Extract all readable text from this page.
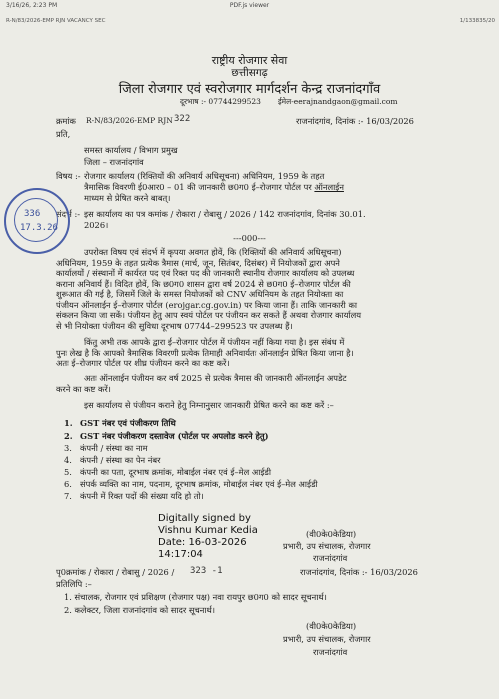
3/16/26, 2:23 PM	PDF.js viewer
R-N/83/2026-EMP RJN VACANCY SEC	1/133835/20
राष्ट्रीय रोजगार सेवा
छत्तीसगढ़
जिला रोजगार एवं स्वरोजगार मार्गदर्शन केन्द्र राजनांदगाँव
दूरभाष :- 07744299523 ईमेल-eerajnandgaon@gmail.com
क्रमांक R-N/83/2026-EMP RJN 322	राजनांदगांव, दिनांक :- 16/03/2026
प्रति,
समस्त कार्यालय / विभाग प्रमुख
जिला – राजनांदगांव
विषय :- रोजगार कार्यालय (रिक्तियों की अनिवार्य अधिसूचना) अधिनियम, 1959 के तहत
त्रैमासिक विवरणी ई0आर0 – 01 की जानकारी छ0ग0 ई–रोजगार पोर्टल पर ऑनलाईन
माध्यम से प्रेषित करने बाबत्।
संदर्भ :- इस कार्यालय का पत्र कमांक / रोकारा / रोबासु / 2026 / 142 राजनांदगांव, दिनांक 30.01.
2026।
---000---
336
17.3.26
उपरोक्त विषय एवं संदर्भ में कृपया अवगत होवें, कि (रिक्तियों की अनिवार्य अधिसूचना)
अधिनियम, 1959 के तहत प्रत्येक त्रैमास (मार्च, जून, सितंबर, दिसंबर) में नियोजकों द्वारा अपने
कार्यालयों / संस्थानों में कार्यरत पद एवं रिक्त पद की जानकारी स्थानीय रोजगार कार्यालय को उपलब्ध
कराना अनिवार्य हैं। विदित होवें, कि छ0ग0 शासन द्वारा वर्ष 2024 से छ0ग0 ई–रोजगार पोर्टल की
शुरूआत की गई है, जिसमें जिले के समस्त नियोजकों को CNV अधिनियम के तहत नियोक्ता का
पंजीयन ऑनलाईन ई–रोजगार पोर्टल (erojgar.cg.gov.in) पर किया जाना हैं। ताकि जानकारी का
संकलन किया जा सकें। पंजीयन हेतु आप स्वयं पोर्टल पर पंजीयन कर सकते हैं अथवा रोजगार कार्यालय
से भी नियोक्ता पंजीयन की सुविधा दूरभाष 07744–299523 पर उपलब्ध हैं।
किंतु अभी तक आपके द्वारा ई–रोजगार पोर्टल में पंजीयन नहीं किया गया है। इस संबंध में
पुनः लेख है कि आपको त्रैमासिक विवरणी प्रत्येक तिमाही अनिवार्यतः ऑनलाईन प्रेषित किया जाना है।
अतः ई–रोजगार पोर्टल पर शीघ्र पंजीयन करने का कष्ट करें।
अतः ऑनलाईन पंजीयन कर वर्ष 2025 से प्रत्येक त्रैमास की जानकारी ऑनलाईन अपडेट
करने का कष्ट करें।
इस कार्यालय से पंजीयन कराने हेतु निम्नानुसार जानकारी प्रेषित करने का कष्ट करें :–
1. GST नंबर एवं पंजीकरण तिथि
2. GST नंबर पंजीकरण दस्तावेज (पोर्टल पर अपलोड करने हेतु)
3. कंपनी / संस्था का नाम
4. कंपनी / संस्था का पेन नंबर
5. कंपनी का पता, दूरभाष क्रमांक, मोबाईल नंबर एवं ई–मेल आईडी
6. संपर्क व्यक्ति का नाम, पदनाम, दूरभाष क्रमांक, मोबाईल नंबर एवं ई–मेल आईडी
7. कंपनी में रिक्त पदों की संख्या यदि हो तो।
Digitally signed by
Vishnu Kumar Kedia
Date: 16-03-2026
14:17:04
(वी0के0केडिया)
प्रभारी, उप संचालक, रोजगार
राजनांदगांव
पृ0क्रमांक / रोकारा / रोबासु / 2026 / 323 -1	राजनांदगांव, दिनांक :- 16/03/2026
प्रतिलिपि :–
1. संचालक, रोजगार एवं प्रशिक्षण (रोजगार पक्ष) नवा रायपुर छ0ग0 को सादर सूचनार्थ।
2. कलेक्टर, जिला राजनांदगांव को सादर सूचनार्थ।
(वी0के0केडिया)
प्रभारी, उप संचालक, रोजगार
राजनांदगांव
